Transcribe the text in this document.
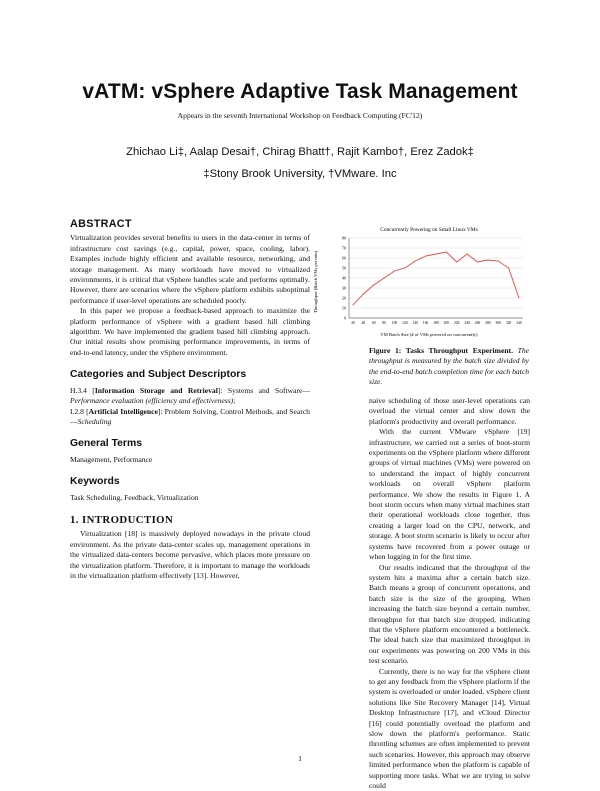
vATM: vSphere Adaptive Task Management
Appears in the seventh International Workshop on Feedback Computing (FC'12)
Zhichao Li‡, Aalap Desai†, Chirag Bhatt†, Rajit Kambo†, Erez Zadok‡
‡Stony Brook University, †VMware. Inc
ABSTRACT

Virtualization provides several benefits to users in the data-center in terms of infrastructure cost savings (e.g., capital, power, space, cooling, labor). Examples include highly efficient and available resource, networking, and storage management. As many workloads have moved to virtualized environments, it is critical that vSphere handles scale and performs optimally. However, there are scenarios where the vSphere platform exhibits suboptimal performance if user-level operations are scheduled poorly.

In this paper we propose a feedback-based approach to maximize the platform performance of vSphere with a gradient based hill climbing algorithm. We have implemented the gradient based hill climbing approach. Our initial results show promising performance improvements, in terms of end-to-end latency, under the vSphere environment.

Categories and Subject Descriptors

H.3.4 [Information Storage and Retrieval]: Systems and Software—Performance evaluation (efficiency and effectiveness);

I.2.8 [Artificial Intelligence]: Problem Solving, Control Methods, and Search—Scheduling

General Terms

Management, Performance

Keywords

Task Scheduling, Feedback, Virtualization

1. INTRODUCTION

Virtualization [18] is massively deployed nowadays in the private cloud environment. As the private data-center scales up, management operations in the virtualized data-centers become pervasive, which places more pressure on the virtualization platform. Therefore, it is important to manage the workloads in the virtualization platform effectively [13]. However,

Concurrently Powering on Small Linux VMs
Throughput (Batch VMs per min)
VM Batch Size (# of VMs powered on concurrently)
0
10
20
30
40
50
60
70
80
20 40 60 80 100 120 140 160 180 200 220 240 260 280 300 320 340
Figure 1: Tasks Throughput Experiment. The throughput is measured by the batch size divided by the end-to-end batch completion time for each batch size.

naive scheduling of those user-level operations can overload the virtual center and slow down the platform's productivity and overall performance.

With the current VMware vSphere [19] infrastructure, we carried out a series of boot-storm experiments on the vSphere platform where different groups of virtual machines (VMs) were powered on to understand the impact of highly concurrent workloads on overall vSphere platform performance. We show the results in Figure 1. A boot storm occurs when many virtual machines start their operational workloads close together, thus creating a larger load on the CPU, network, and storage. A boot storm scenario is likely to occur after systems have recovered from a power outage or when logging in for the first time.

Our results indicated that the throughput of the system hits a maxima after a certain batch size. Batch means a group of concurrent operations, and batch size is the size of the grouping. When increasing the batch size beyond a certain number, throughput for that batch size dropped, indicating that the vSphere platform encountered a bottleneck. The ideal batch size that maximized throughput in our experiments was powering on 200 VMs in this test scenario.

Currently, there is no way for the vSphere client to get any feedback from the vSphere platform if the system is overloaded or under loaded. vSphere client solutions like Site Recovery Manager [14], Virtual Desktop Infrastructure [17], and vCloud Director [16] could potentially overload the platform and slow down the platform's performance. Static throttling schemes are often implemented to prevent such scenarios. However, this approach may observe limited performance when the platform is capable of supporting more tasks. What we are trying to solve could

1
